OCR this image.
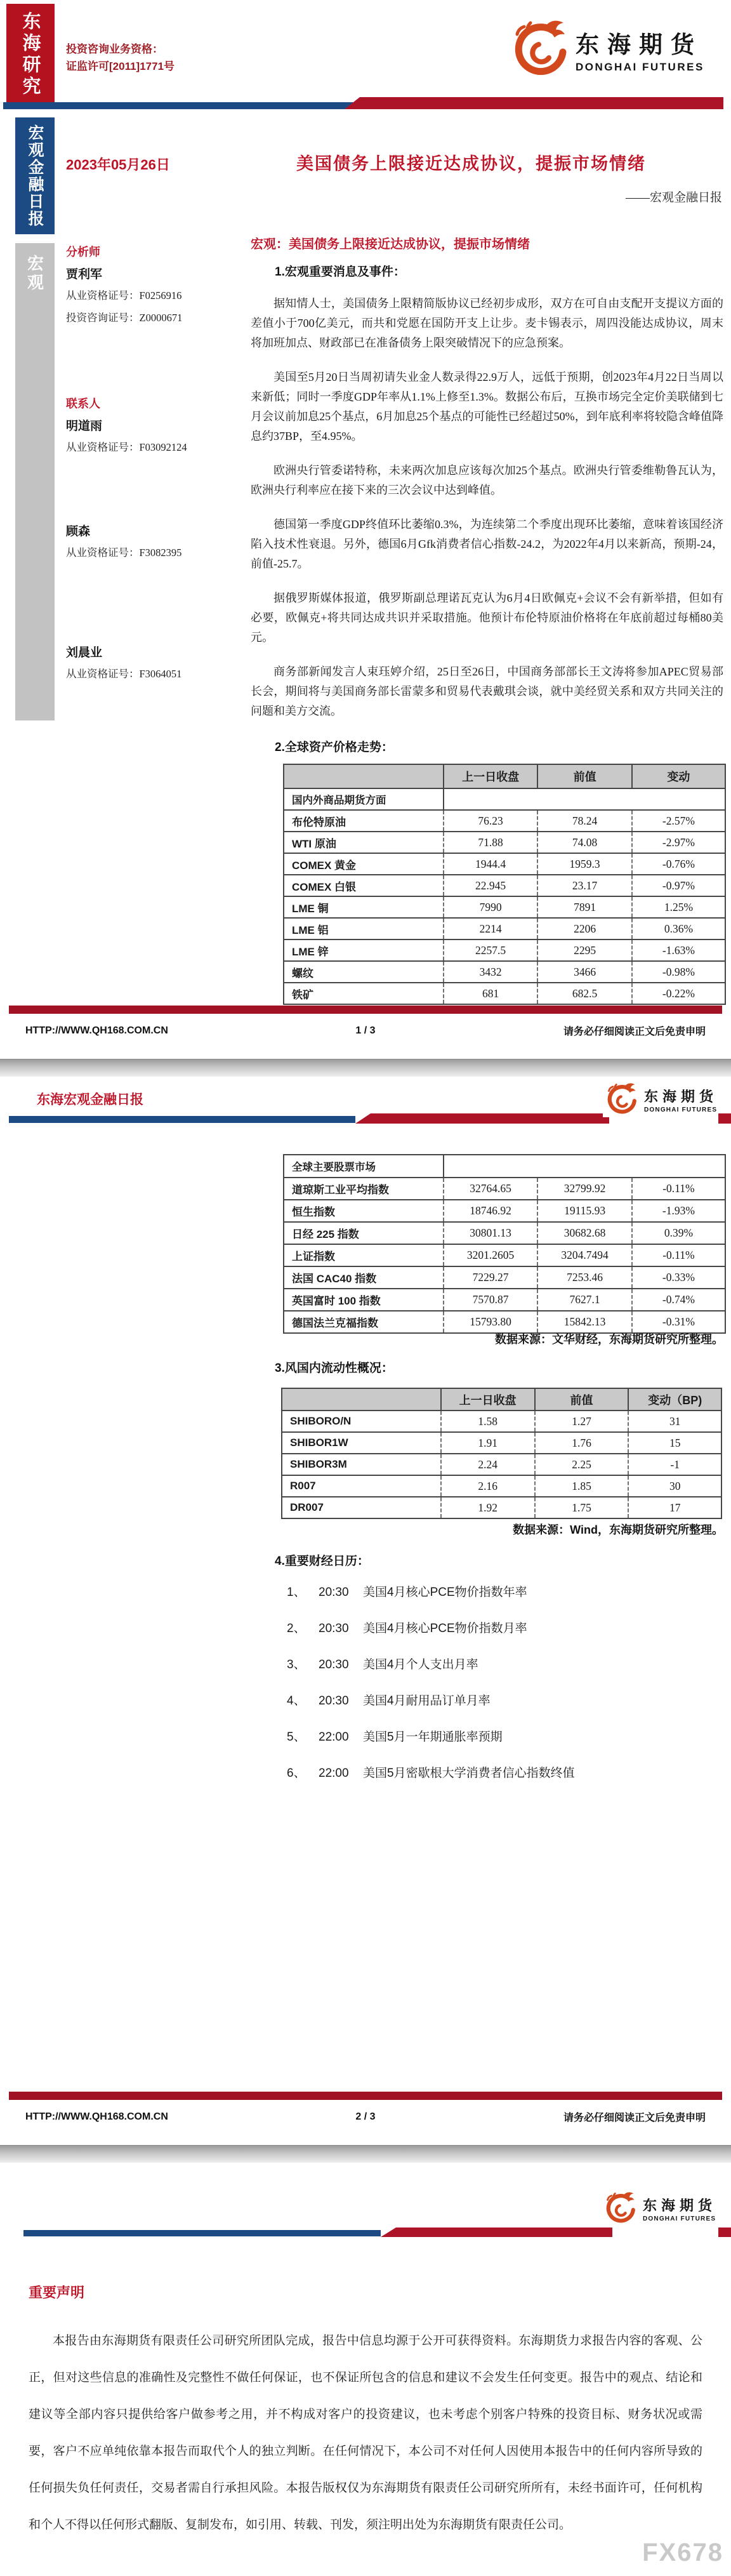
东海研究 投资咨询业务资格：
证监许可[2011]1771号
东海期货
DONGHAI FUTURES
宏观金融日报
宏观
2023年05月26日	美国债务上限接近达成协议，提振市场情绪
——宏观金融日报
分析师
贾利军
从业资格证号：F0256916
投资咨询证号：Z0000671
联系人
明道雨
从业资格证号：F03092124
顾森
从业资格证号：F3082395
刘晨业
从业资格证号：F3064051
宏观：美国债务上限接近达成协议，提振市场情绪
1.宏观重要消息及事件：

据知情人士，美国债务上限精简版协议已经初步成形，双方在可自由支配开支提议方面的差值小于700亿美元，而共和党愿在国防开支上让步。麦卡锡表示，周四没能达成协议，周末将加班加点、财政部已在准备债务上限突破情况下的应急预案。

美国至5月20日当周初请失业金人数录得22.9万人，远低于预期，创2023年4月22日当周以来新低；同时一季度GDP年率从1.1%上修至1.3%。数据公布后，互换市场完全定价美联储到七月会议前加息25个基点，6月加息25个基点的可能性已经超过50%，到年底利率将较隐含峰值降息约37BP，至4.95%。

欧洲央行管委诺特称，未来两次加息应该每次加25个基点。欧洲央行管委维勒鲁瓦认为，欧洲央行利率应在接下来的三次会议中达到峰值。

德国第一季度GDP终值环比萎缩0.3%，为连续第二个季度出现环比萎缩，意味着该国经济陷入技术性衰退。另外，德国6月Gfk消费者信心指数-24.2，为2022年4月以来新高，预期-24，前值-25.7。

据俄罗斯媒体报道，俄罗斯副总理诺瓦克认为6月4日欧佩克+会议不会有新举措，但如有必要，欧佩克+将共同达成共识并采取措施。他预计布伦特原油价格将在年底前超过每桶80美元。

商务部新闻发言人束珏婷介绍，25日至26日，中国商务部部长王文涛将参加APEC贸易部长会，期间将与美国商务部长雷蒙多和贸易代表戴琪会谈，就中美经贸关系和双方共同关注的问题和美方交流。

2.全球资产价格走势：
上一日收盘	前值	变动
国内外商品期货方面
布伦特原油	76.23	78.24	-2.57%
WTI 原油	71.88	74.08	-2.97%
COMEX 黄金	1944.4	1959.3	-0.76%
COMEX 白银	22.945	23.17	-0.97%
LME 铜	7990	7891	1.25%
LME 铝	2214	2206	0.36%
LME 锌	2257.5	2295	-1.63%
螺纹	3432	3466	-0.98%
铁矿	681	682.5	-0.22%
HTTP://WWW.QH168.COM.CN	1 / 3	请务必仔细阅读正文后免责申明
东海宏观金融日报	东海期货
DONGHAI FUTURES
全球主要股票市场
道琼斯工业平均指数	32764.65	32799.92	-0.11%
恒生指数	18746.92	19115.93	-1.93%
日经 225 指数	30801.13	30682.68	0.39%
上证指数	3201.2605	3204.7494	-0.11%
法国 CAC40 指数	7229.27	7253.46	-0.33%
英国富时 100 指数	7570.87	7627.1	-0.74%
德国法兰克福指数	15793.80	15842.13	-0.31%
数据来源：文华财经，东海期货研究所整理。
3.风国内流动性概况：
上一日收盘	前值	变动（BP)
SHIBORO/N	1.58	1.27	31
SHIBOR1W	1.91	1.76	15
SHIBOR3M	2.24	2.25	-1
R007	2.16	1.85	30
DR007	1.92	1.75	17
数据来源：Wind，东海期货研究所整理。
4.重要财经日历：
1、 20:30 美国4月核心PCE物价指数年率
2、 20:30 美国4月核心PCE物价指数月率
3、 20:30 美国4月个人支出月率
4、 20:30 美国4月耐用品订单月率
5、 22:00 美国5月一年期通胀率预期
6、 22:00 美国5月密歇根大学消费者信心指数终值
HTTP://WWW.QH168.COM.CN	2 / 3	请务必仔细阅读正文后免责申明
东海期货
DONGHAI FUTURES
重要声明
本报告由东海期货有限责任公司研究所团队完成，报告中信息均源于公开可获得资料。东海期货力求报告内容的客观、公正，但对这些信息的准确性及完整性不做任何保证，也不保证所包含的信息和建议不会发生任何变更。报告中的观点、结论和建议等全部内容只提供给客户做参考之用，并不构成对客户的投资建议，也未考虑个别客户特殊的投资目标、财务状况或需要，客户不应单纯依靠本报告而取代个人的独立判断。在任何情况下，本公司不对任何人因使用本报告中的任何内容所导致的任何损失负任何责任，交易者需自行承担风险。本报告版权仅为东海期货有限责任公司研究所所有，未经书面许可，任何机构和个人不得以任何形式翻版、复制发布，如引用、转载、刊发，须注明出处为东海期货有限责任公司。
FX678
